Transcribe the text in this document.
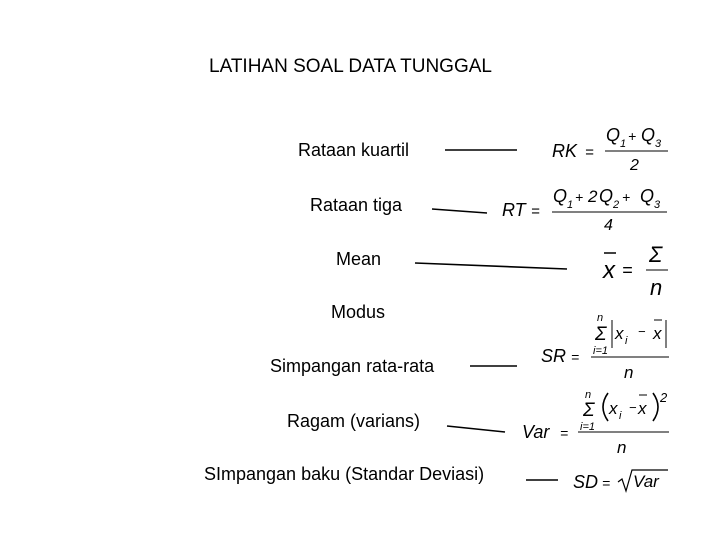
LATIHAN SOAL DATA TUNGGAL
Rataan kuartil
Rataan tiga
Mean
Modus
Simpangan rata-rata
Ragam (varians)
SImpangan baku (Standar Deviasi)
RK =
Q 1 + Q 3
2
RT =
Q 1 + 2 Q 2 + Q 3
4
x =
Σ
n
SR =
n
Σ
i=1
x i
− x
n
Var =
n
Σ
i=1
x i
− x
2
n
SD = Var
